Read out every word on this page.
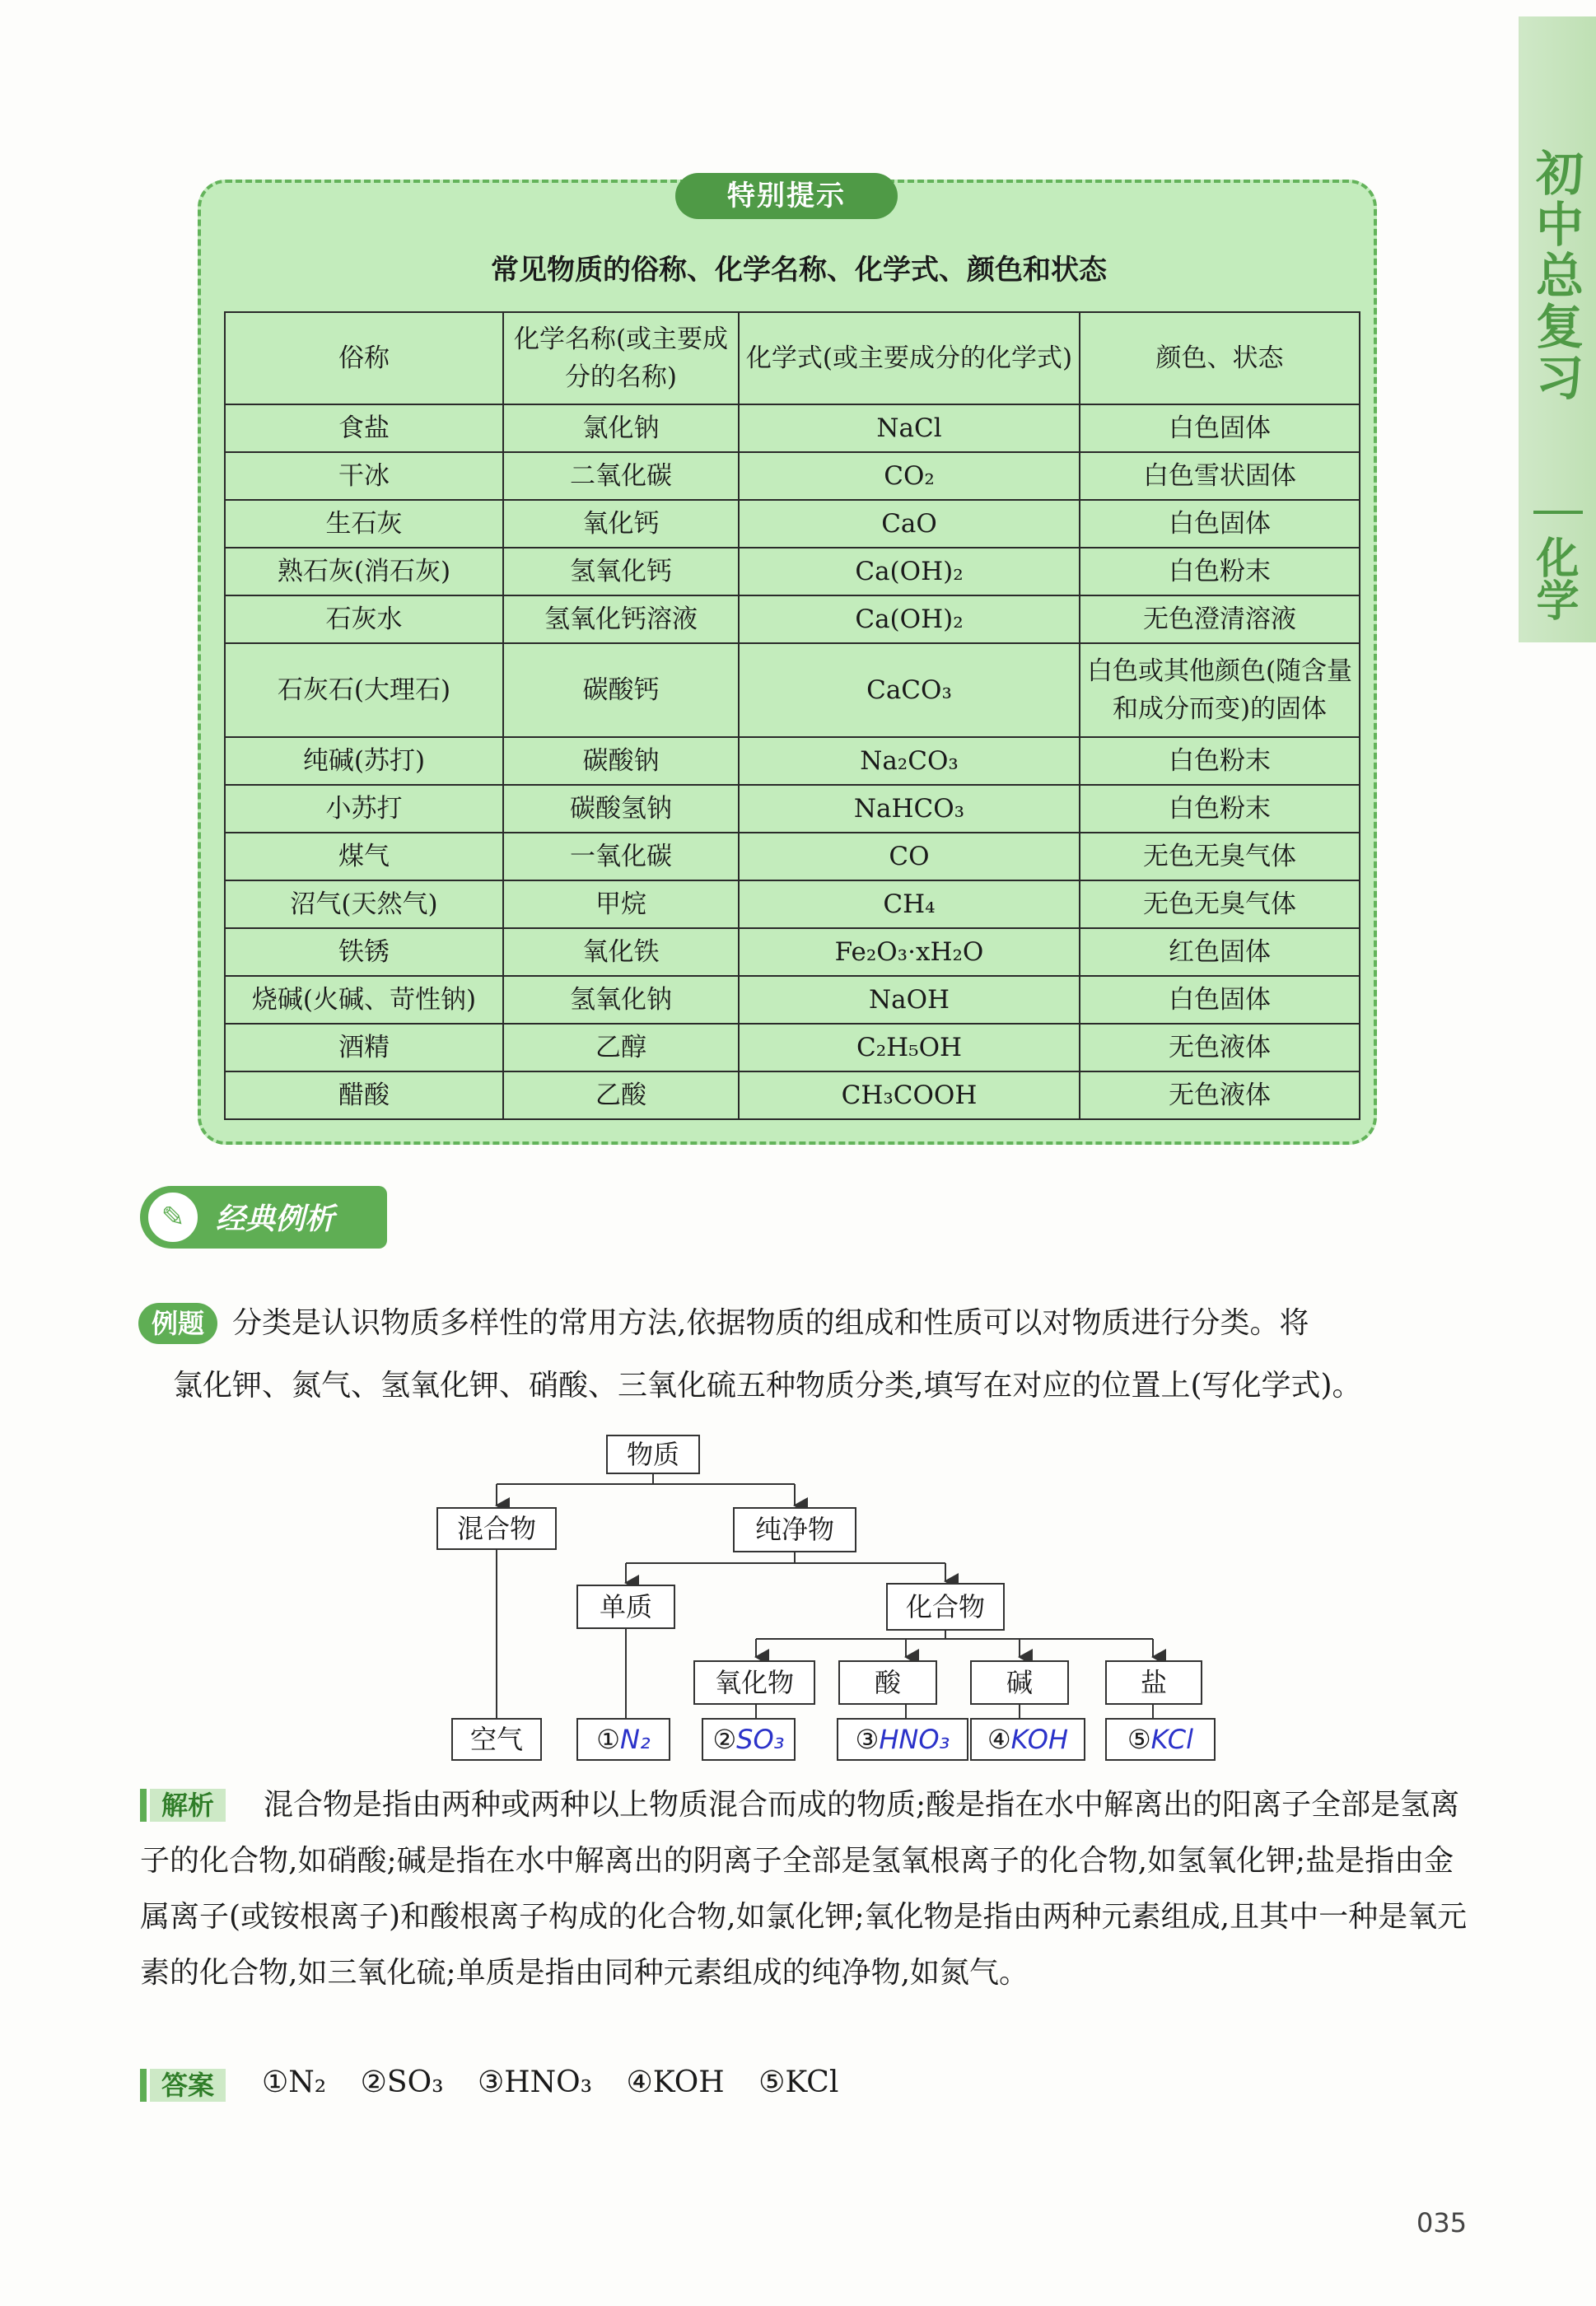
初中总复习
化学
特别提示
常见物质的俗称、化学名称、化学式、颜色和状态
俗称	化学名称(或主要成分的名称)	化学式(或主要成分的化学式)	颜色、状态
食盐	氯化钠	NaCl	白色固体
干冰	二氧化碳	CO₂	白色雪状固体
生石灰	氧化钙	CaO	白色固体
熟石灰(消石灰)	氢氧化钙	Ca(OH)₂	白色粉末
石灰水	氢氧化钙溶液	Ca(OH)₂	无色澄清溶液
石灰石(大理石)	碳酸钙	CaCO₃	白色或其他颜色(随含量和成分而变)的固体
纯碱(苏打)	碳酸钠	Na₂CO₃	白色粉末
小苏打	碳酸氢钠	NaHCO₃	白色粉末
煤气	一氧化碳	CO	无色无臭气体
沼气(天然气)	甲烷	CH₄	无色无臭气体
铁锈	氧化铁	Fe₂O₃·xH₂O	红色固体
烧碱(火碱、苛性钠)	氢氧化钠	NaOH	白色固体
酒精	乙醇	C₂H₅OH	无色液体
醋酸	乙酸	CH₃COOH	无色液体
✎	经典例析
例题 分类是认识物质多样性的常用方法,依据物质的组成和性质可以对物质进行分类。将
氯化钾、氮气、氢氧化钾、硝酸、三氧化硫五种物质分类,填写在对应的位置上(写化学式)。
物质
混合物	纯净物
单质	化合物
氧化物	酸	碱	盐
空气	①N₂	②SO₃	③HNO₃	④KOH	⑤KCl
解析	混合物是指由两种或两种以上物质混合而成的物质;酸是指在水中解离出的阳离子全部是氢离子的化合物,如硝酸;碱是指在水中解离出的阴离子全部是氢氧根离子的化合物,如氢氧化钾;盐是指由金属离子(或铵根离子)和酸根离子构成的化合物,如氯化钾;氧化物是指由两种元素组成,且其中一种是氧元素的化合物,如三氧化硫;单质是指由同种元素组成的纯净物,如氮气。
答案	①N₂ ②SO₃ ③HNO₃ ④KOH ⑤KCl
035
